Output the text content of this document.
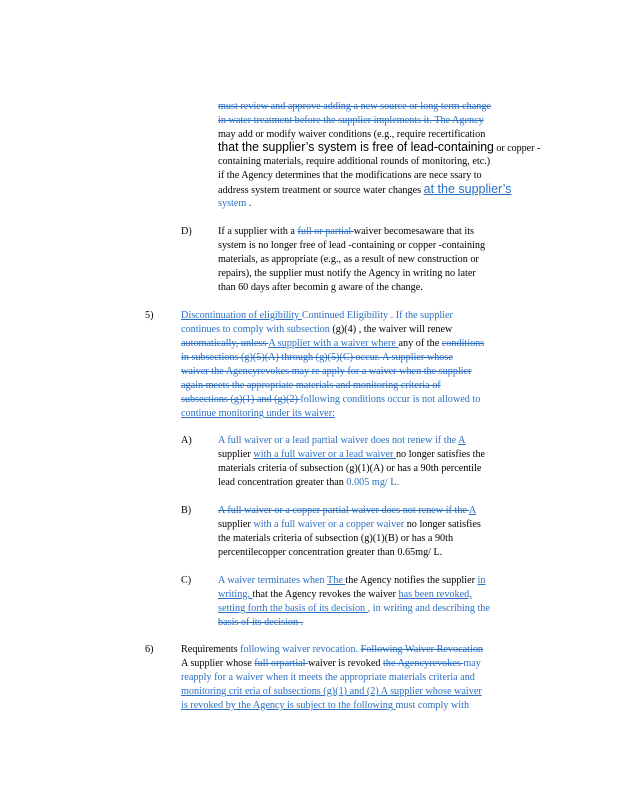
must review and approve adding a new source or long term change
in water treatment before the supplier implements it. The Agency
may add or modify waiver conditions (e.g., require recertification
that the supplier’s system is free of lead-containing or copper -
containing materials, require additional rounds of monitoring, etc.)
if the Agency determines that the modifications are nece ssary to
address system treatment or source water changes at the supplier’s
system .
If a supplier with a full or partial waiver becomesaware that its
system is no longer free of lead -containing or copper -containing
materials, as appropriate (e.g., as a result of new construction or
repairs), the supplier must notify the Agency in writing no later
than 60 days after becomin g aware of the change.
Discontinuation of eligibility Continued Eligibility . If the supplier
continues to comply with subsection (g)(4) , the waiver will renew
automatically, unless A supplier with a waiver where any of the conditions
in subsections (g)(5)(A) through (g)(5)(C) occur. A supplier whose
waiver the Agencyrevokes may re apply for a waiver when the supplier
again meets the appropriate materials and monitoring criteria of
subsections (g)(1) and (g)(2) following conditions occur is not allowed to
continue monitoring under its waiver:
A full waiver or a lead partial waiver does not renew if the A
supplier with a full waiver or a lead waiver no longer satisfies the
materials criteria of subsection (g)(1)(A) or has a 90th percentile
lead concentration greater than 0.005 mg/ L.
A full waiver or a copper partial waiver does not renew if the A
supplier with a full waiver or a copper waiver no longer satisfies
the materials criteria of subsection (g)(1)(B) or has a 90th
percentilecopper concentration greater than 0.65mg/ L.
A waiver terminates when The the Agency notifies the supplier in
writing, that the Agency revokes the waiver has been revoked,
setting forth the basis of its decision , in writing and describing the
basis of its decision .
Requirements following waiver revocation. Following Waiver Revocation
A supplier whose full orpartial waiver is revoked the Agencyrevokes may
reapply for a waiver when it meets the appropriate materials criteria and
monitoring crit eria of subsections (g)(1) and (2) A supplier whose waiver
is revoked by the Agency is subject to the following must comply with
D)
5)
A)
B)
C)
6)
